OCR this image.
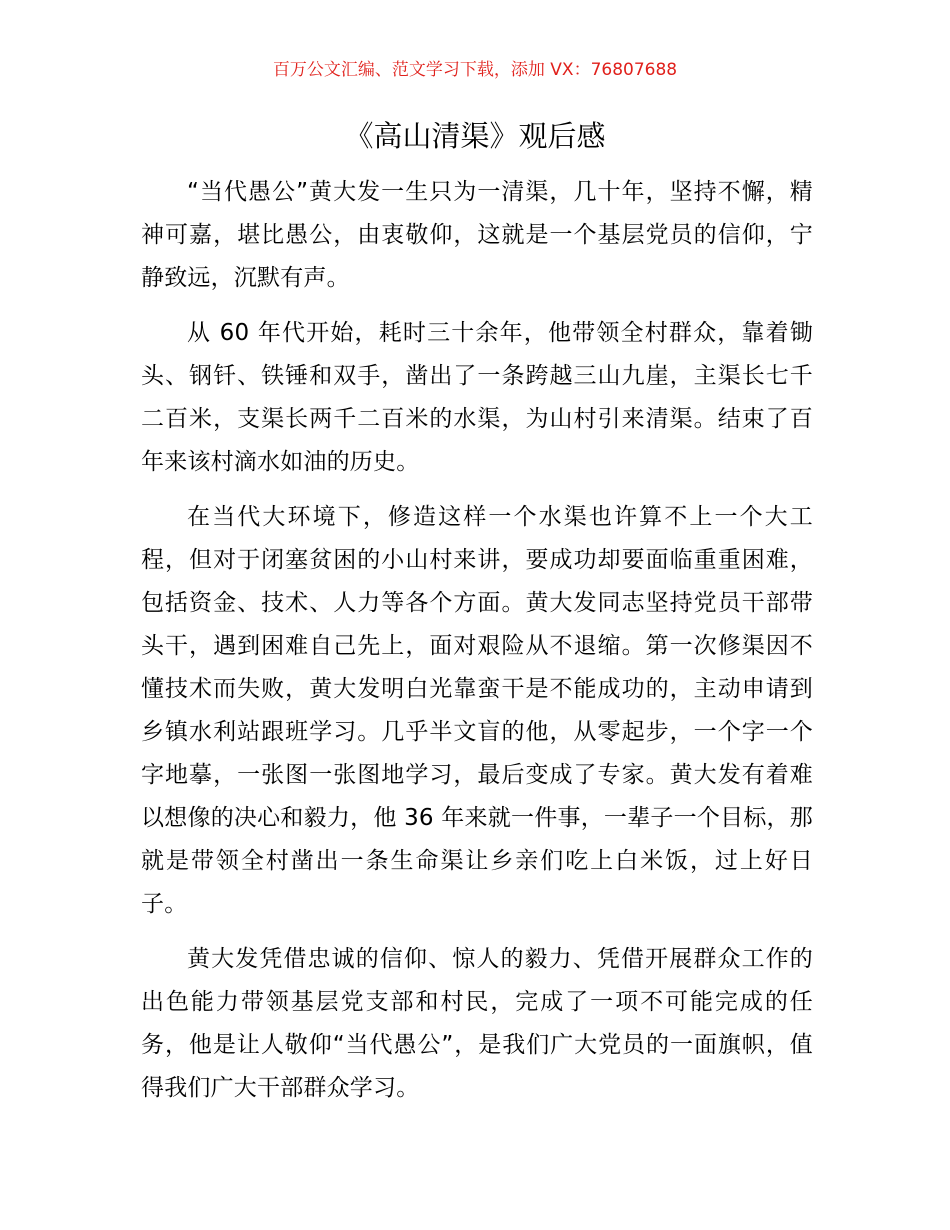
百万公文汇编、范文学习下载，添加 VX：76807688
《高山清渠》观后感

“当代愚公”黄大发一生只为一清渠，几十年，坚持不懈，精神可嘉，堪比愚公，由衷敬仰，这就是一个基层党员的信仰，宁静致远，沉默有声。

从 60 年代开始，耗时三十余年，他带领全村群众，靠着锄头、钢钎、铁锤和双手，凿出了一条跨越三山九崖，主渠长七千二百米，支渠长两千二百米的水渠，为山村引来清渠。结束了百年来该村滴水如油的历史。

在当代大环境下，修造这样一个水渠也许算不上一个大工程，但对于闭塞贫困的小山村来讲，要成功却要面临重重困难，包括资金、技术、人力等各个方面。黄大发同志坚持党员干部带头干，遇到困难自己先上，面对艰险从不退缩。第一次修渠因不懂技术而失败，黄大发明白光靠蛮干是不能成功的，主动申请到乡镇水利站跟班学习。几乎半文盲的他，从零起步，一个字一个字地摹，一张图一张图地学习，最后变成了专家。黄大发有着难以想像的决心和毅力，他 36 年来就一件事，一辈子一个目标，那就是带领全村凿出一条生命渠让乡亲们吃上白米饭，过上好日子。

黄大发凭借忠诚的信仰、惊人的毅力、凭借开展群众工作的出色能力带领基层党支部和村民，完成了一项不可能完成的任务，他是让人敬仰“当代愚公”，是我们广大党员的一面旗帜，值得我们广大干部群众学习。
